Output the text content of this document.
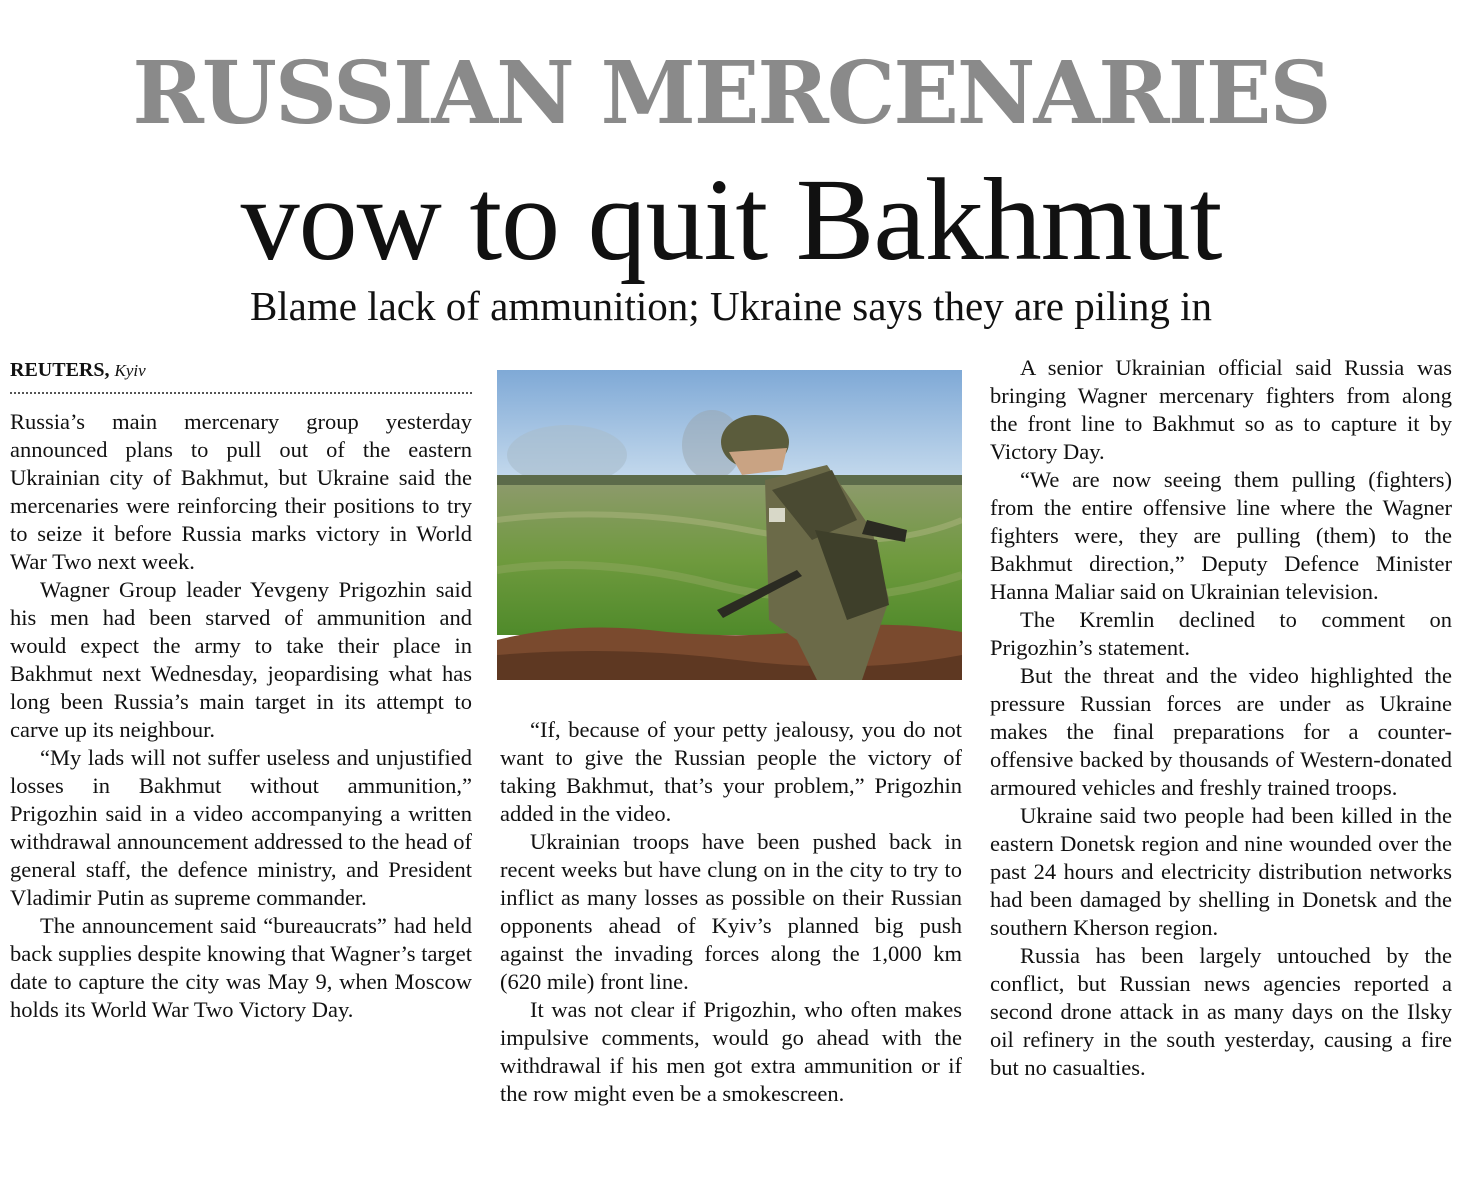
RUSSIAN MERCENARIES
vow to quit Bakhmut
Blame lack of ammunition; Ukraine says they are piling in
REUTERS, Kyiv

Russia’s main mercenary group yesterday announced plans to pull out of the eastern Ukrainian city of Bakhmut, but Ukraine said the mercenaries were reinforcing their positions to try to seize it before Russia marks victory in World War Two next week.

Wagner Group leader Yevgeny Prigozhin said his men had been starved of ammunition and would expect the army to take their place in Bakhmut next Wednesday, jeopardising what has long been Russia’s main target in its attempt to carve up its neighbour.

“My lads will not suffer useless and unjustified losses in Bakhmut without ammunition,” Prigozhin said in a video accompanying a written withdrawal announcement addressed to the head of general staff, the defence ministry, and President Vladimir Putin as supreme commander.

The announcement said “bureaucrats” had held back supplies despite knowing that Wagner’s target date to capture the city was May 9, when Moscow holds its World War Two Victory Day.

“If, because of your petty jealousy, you do not want to give the Russian people the victory of taking Bakhmut, that’s your problem,” Prigozhin added in the video.

Ukrainian troops have been pushed back in recent weeks but have clung on in the city to try to inflict as many losses as possible on their Russian opponents ahead of Kyiv’s planned big push against the invading forces along the 1,000 km (620 mile) front line.

It was not clear if Prigozhin, who often makes impulsive comments, would go ahead with the withdrawal if his men got extra ammunition or if the row might even be a smokescreen.

A senior Ukrainian official said Russia was bringing Wagner mercenary fighters from along the front line to Bakhmut so as to capture it by Victory Day.

“We are now seeing them pulling (fighters) from the entire offensive line where the Wagner fighters were, they are pulling (them) to the Bakhmut direction,” Deputy Defence Minister Hanna Maliar said on Ukrainian television.

The Kremlin declined to comment on Prigozhin’s statement.

But the threat and the video highlighted the pressure Russian forces are under as Ukraine makes the final preparations for a counter-offensive backed by thousands of Western-donated armoured vehicles and freshly trained troops.

Ukraine said two people had been killed in the eastern Donetsk region and nine wounded over the past 24 hours and electricity distribution networks had been damaged by shelling in Donetsk and the southern Kherson region.

Russia has been largely untouched by the conflict, but Russian news agencies reported a second drone attack in as many days on the Ilsky oil refinery in the south yesterday, causing a fire but no casualties.
